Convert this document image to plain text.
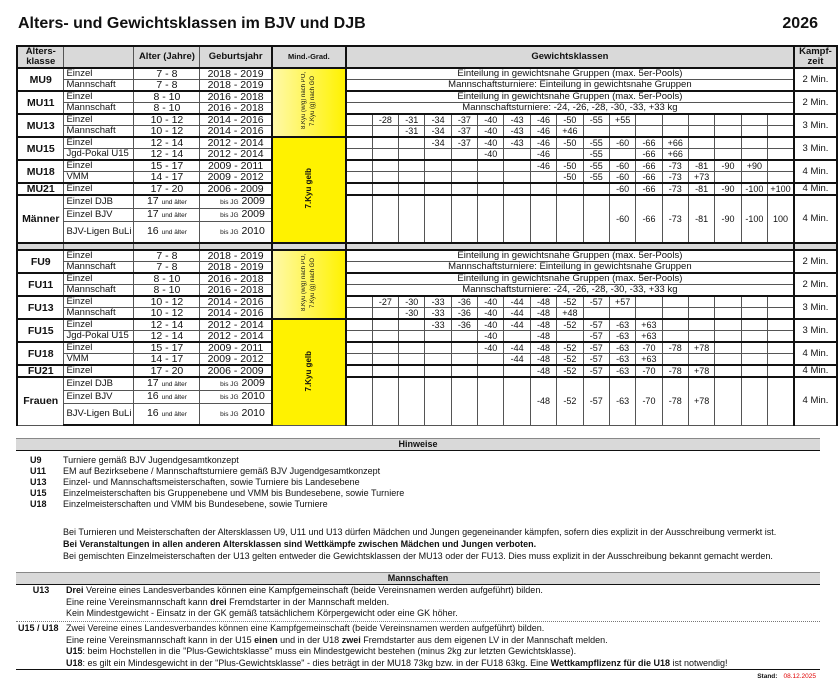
Alters- und Gewichtsklassen im BJV und DJB	2026
Alters-klasse		Alter (Jahre)	Geburtsjahr	Mind.-Grad.	Gewichtsklassen																	Kampf-zeit
MU9	Einzel	7 - 8	2018 - 2019	8.Kyu (w/g) nach PO, 7.Kyu (g) nach GO	Einteilung in gewichtsnahe Gruppen (max. 5er-Pools)																	2 Min.
	Mannschaft	7 - 8	2018 - 2019		Mannschaftsturniere: Einteilung in gewichtsnahe Gruppen																	
MU11	Einzel	8 - 10	2016 - 2018		Einteilung in gewichtsnahe Gruppen (max. 5er-Pools)																	2 Min.
	Mannschaft	8 - 10	2016 - 2018		Mannschaftsturniere: -24, -26, -28, -30, -33, +33 kg																	
MU13	Einzel	10 - 12	2014 - 2016			-28	-31	-34	-37	-40	-43	-46	-50	-55	+55							3 Min.
	Mannschaft	10 - 12	2014 - 2016				-31	-34	-37	-40	-43	-46	+46									
MU15	Einzel	12 - 14	2012 - 2014	7.Kyu gelb				-34	-37	-40	-43	-46	-50	-55	-60	-66	+66					3 Min.
	Jgd-Pokal U15	12 - 14	2012 - 2014							-40		-46		-55		-66	+66					
MU18	Einzel	15 - 17	2009 - 2011									-46	-50	-55	-60	-66	-73	-81	-90	+90		4 Min.
	VMM	14 - 17	2009 - 2012										-50	-55	-60	-66	-73	+73				
MU21	Einzel	17 - 20	2006 - 2009												-60	-66	-73	-81	-90	-100	+100	4 Min.
Männer	Einzel DJB	17 und älter	bis JG 2009												-60	-66	-73	-81	-90	-100	100	4 Min.
	Einzel BJV	17 und älter	bis JG 2009																			
	BJV-Ligen BuLi	16 und älter	bis JG 2010																			

FU9	Einzel	7 - 8	2018 - 2019	8.Kyu (w/g) nach PO, 7.Kyu (g) nach GO	Einteilung in gewichtsnahe Gruppen (max. 5er-Pools)																	2 Min.
	Mannschaft	7 - 8	2018 - 2019		Mannschaftsturniere: Einteilung in gewichtsnahe Gruppen																	
FU11	Einzel	8 - 10	2016 - 2018		Einteilung in gewichtsnahe Gruppen (max. 5er-Pools)																	2 Min.
	Mannschaft	8 - 10	2016 - 2018		Mannschaftsturniere: -24, -26, -28, -30, -33, +33 kg																	
FU13	Einzel	10 - 12	2014 - 2016			-27	-30	-33	-36	-40	-44	-48	-52	-57	+57							3 Min.
	Mannschaft	10 - 12	2014 - 2016				-30	-33	-36	-40	-44	-48	+48									
FU15	Einzel	12 - 14	2012 - 2014	7.Kyu gelb				-33	-36	-40	-44	-48	-52	-57	-63	+63						3 Min.
	Jgd-Pokal U15	12 - 14	2012 - 2014							-40		-48		-57	-63	+63						
FU18	Einzel	15 - 17	2009 - 2011							-40	-44	-48	-52	-57	-63	-70	-78	+78				4 Min.
	VMM	14 - 17	2009 - 2012								-44	-48	-52	-57	-63	+63						
FU21	Einzel	17 - 20	2006 - 2009									-48	-52	-57	-63	-70	-78	+78				4 Min.
Frauen	Einzel DJB	17 und älter	bis JG 2009									-48	-52	-57	-63	-70	-78	+78				4 Min.
	Einzel BJV	16 und älter	bis JG 2010																			
	BJV-Ligen BuLi	16 und älter	bis JG 2010																			
Hinweise
U9	Turniere gemäß BJV Jugendgesamtkonzept
U11	EM auf Bezirksebene / Mannschaftsturniere gemäß BJV Jugendgesamtkonzept
U13	Einzel- und Mannschaftsmeisterschaften, sowie Turniere bis Landesebene
U15	Einzelmeisterschaften bis Gruppenebene und VMM bis Bundesebene, sowie Turniere
U18	Einzelmeisterschaften und VMM bis Bundesebene, sowie Turniere
Bei Turnieren und Meisterschaften der Altersklassen U9, U11 und U13 dürfen Mädchen und Jungen gegeneinander kämpfen, sofern dies explizit in der Ausschreibung vermerkt ist.
Bei Veranstaltungen in allen anderen Altersklassen sind Wettkämpfe zwischen Mädchen und Jungen verboten.
Bei gemischten Einzelmeisterschaften der U13 gelten entweder die Gewichtsklassen der MU13 oder der FU13. Dies muss explizit in der Ausschreibung bekannt gemacht werden.
Mannschaften
U13	Drei Vereine eines Landesverbandes können eine Kampfgemeinschaft (beide Vereinsnamen werden aufgeführt) bilden.
Eine reine Vereinsmannschaft kann drei Fremdstarter in der Mannschaft melden.
Kein Mindestgewicht - Einsatz in der GK gemäß tatsächlichem Körpergewicht oder eine GK höher.
U15 / U18 Zwei Vereine eines Landesverbandes können eine Kampfgemeinschaft (beide Vereinsnamen werden aufgeführt) bilden.
Eine reine Vereinsmannschaft kann in der U15 einen und in der U18 zwei Fremdstarter aus dem eigenen LV in der Mannschaft melden.
U15: beim Hochstellen in die "Plus-Gewichtsklasse" muss ein Mindestgewicht bestehen (minus 2kg zur letzten Gewichtsklasse).
U18: es gilt ein Mindesgewicht in der "Plus-Gewichtsklasse" - dies beträgt in der MU18 73kg bzw. in der FU18 63kg. Eine Wettkampflizenz für die U18 ist notwendig!
Stand: 08.12.2025
